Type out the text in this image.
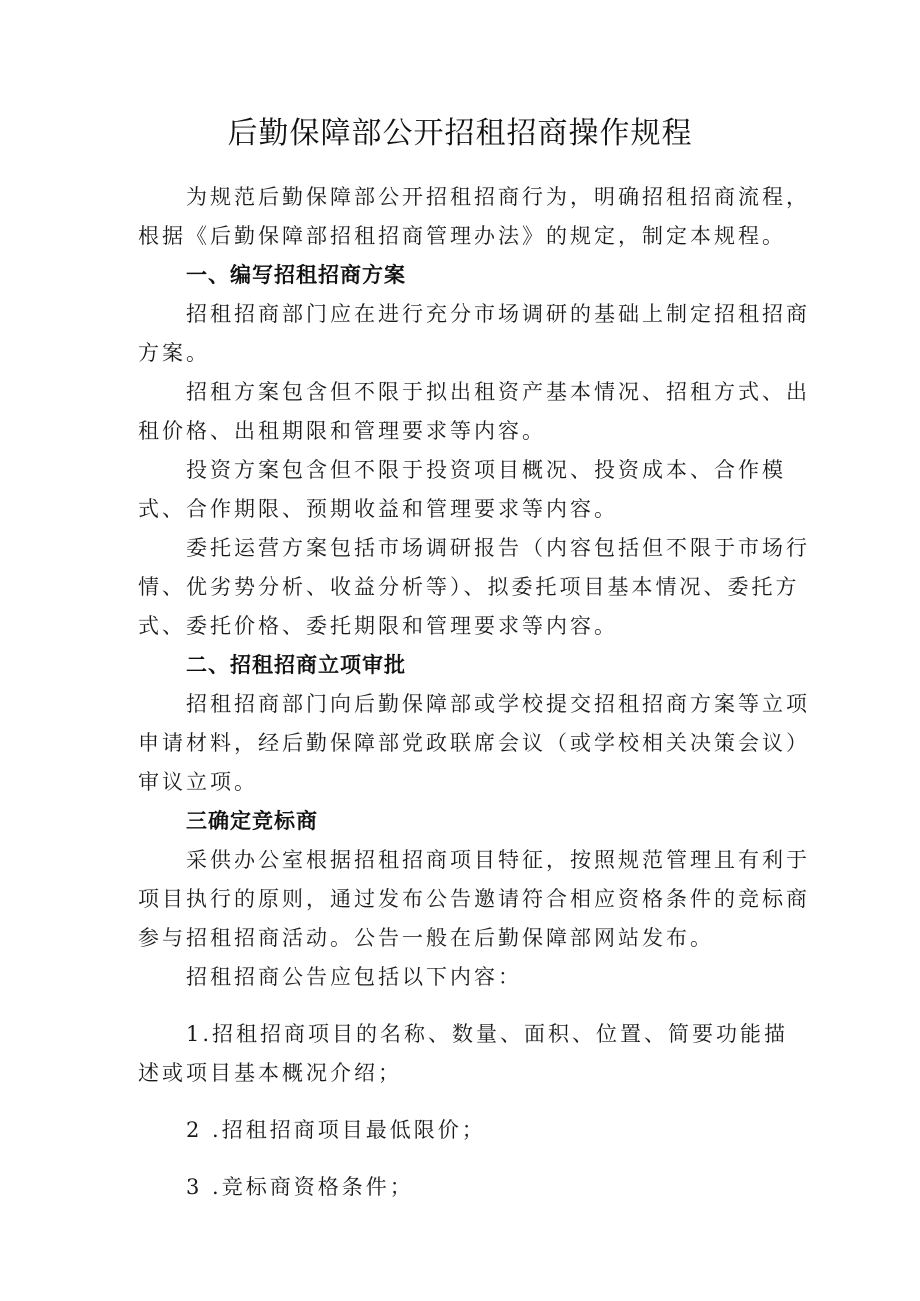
后勤保障部公开招租招商操作规程

为规范后勤保障部公开招租招商行为，明确招租招商流程，根据《后勤保障部招租招商管理办法》的规定，制定本规程。

一、编写招租招商方案

招租招商部门应在进行充分市场调研的基础上制定招租招商方案。

招租方案包含但不限于拟出租资产基本情况、招租方式、出租价格、出租期限和管理要求等内容。

投资方案包含但不限于投资项目概况、投资成本、合作模式、合作期限、预期收益和管理要求等内容。

委托运营方案包括市场调研报告（内容包括但不限于市场行情、优劣势分析、收益分析等）、拟委托项目基本情况、委托方式、委托价格、委托期限和管理要求等内容。

二、招租招商立项审批

招租招商部门向后勤保障部或学校提交招租招商方案等立项申请材料，经后勤保障部党政联席会议（或学校相关决策会议）审议立项。

三确定竞标商

采供办公室根据招租招商项目特征，按照规范管理且有利于项目执行的原则，通过发布公告邀请符合相应资格条件的竞标商参与招租招商活动。公告一般在后勤保障部网站发布。

招租招商公告应包括以下内容：

1.招租招商项目的名称、数量、面积、位置、简要功能描述或项目基本概况介绍；

2 .招租招商项目最低限价；

3 .竞标商资格条件；
